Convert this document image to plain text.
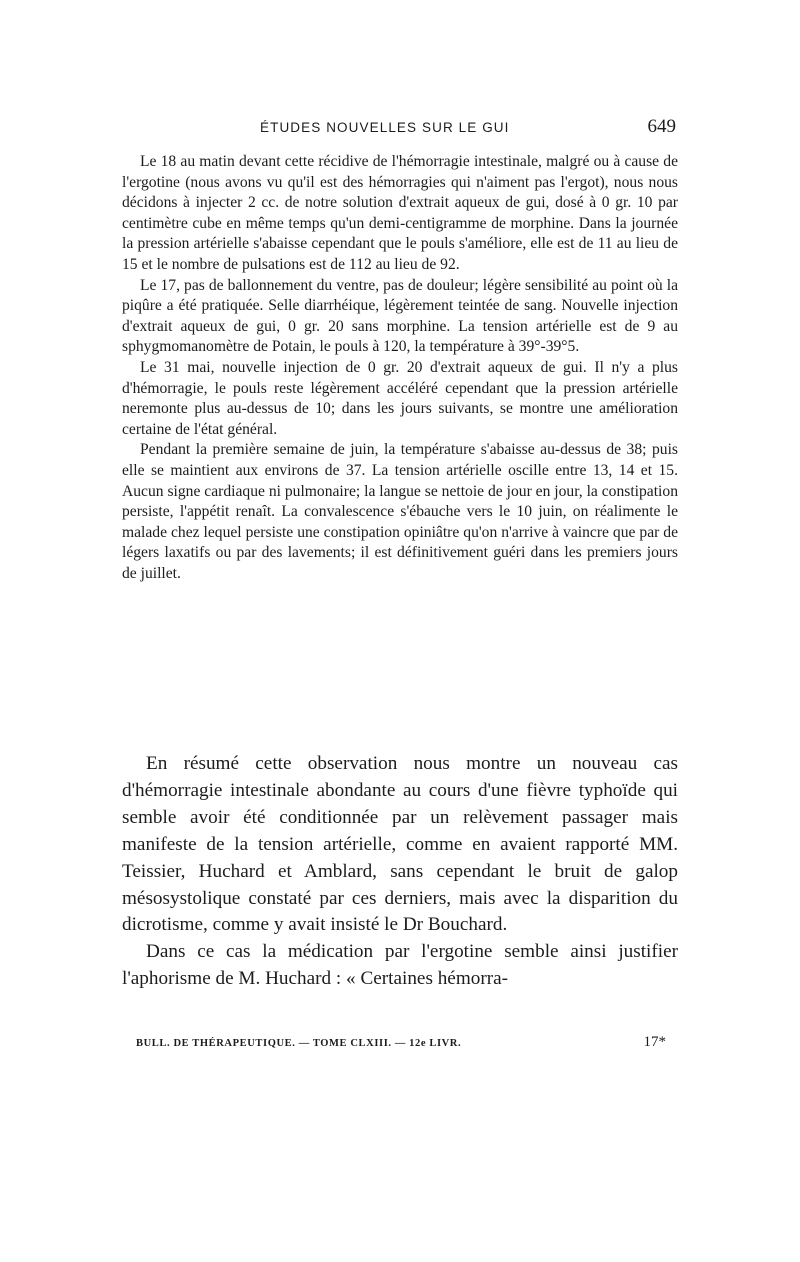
ÉTUDES NOUVELLES SUR LE GUI	649

Le 18 au matin devant cette récidive de l'hémorragie intestinale, malgré ou à cause de l'ergotine (nous avons vu qu'il est des hémorragies qui n'aiment pas l'ergot), nous nous décidons à injecter 2 cc. de notre solution d'extrait aqueux de gui, dosé à 0 gr. 10 par centimètre cube en même temps qu'un demi-centigramme de morphine. Dans la journée la pression artérielle s'abaisse cependant que le pouls s'améliore, elle est de 11 au lieu de 15 et le nombre de pulsations est de 112 au lieu de 92.

Le 17, pas de ballonnement du ventre, pas de douleur; légère sensibilité au point où la piqûre a été pratiquée. Selle diarrhéique, légèrement teintée de sang. Nouvelle injection d'extrait aqueux de gui, 0 gr. 20 sans morphine. La tension artérielle est de 9 au sphygmomanomètre de Potain, le pouls à 120, la température à 39°-39°5.

Le 31 mai, nouvelle injection de 0 gr. 20 d'extrait aqueux de gui. Il n'y a plus d'hémorragie, le pouls reste légèrement accéléré cependant que la pression artérielle neremonte plus au-dessus de 10; dans les jours suivants, se montre une amélioration certaine de l'état général.

Pendant la première semaine de juin, la température s'abaisse au-dessus de 38; puis elle se maintient aux environs de 37. La tension artérielle oscille entre 13, 14 et 15. Aucun signe cardiaque ni pulmonaire; la langue se nettoie de jour en jour, la constipation persiste, l'appétit renaît. La convalescence s'ébauche vers le 10 juin, on réalimente le malade chez lequel persiste une constipation opiniâtre qu'on n'arrive à vaincre que par de légers laxatifs ou par des lavements; il est définitivement guéri dans les premiers jours de juillet.

En résumé cette observation nous montre un nouveau cas d'hémorragie intestinale abondante au cours d'une fièvre typhoïde qui semble avoir été conditionnée par un relèvement passager mais manifeste de la tension artérielle, comme en avaient rapporté MM. Teissier, Huchard et Amblard, sans cependant le bruit de galop mésosystolique constaté par ces derniers, mais avec la disparition du dicrotisme, comme y avait insisté le Dr Bouchard.

Dans ce cas la médication par l'ergotine semble ainsi justifier l'aphorisme de M. Huchard : « Certaines hémorra-

BULL. DE THÉRAPEUTIQUE. — TOME CLXIII. — 12e LIVR.	17*
